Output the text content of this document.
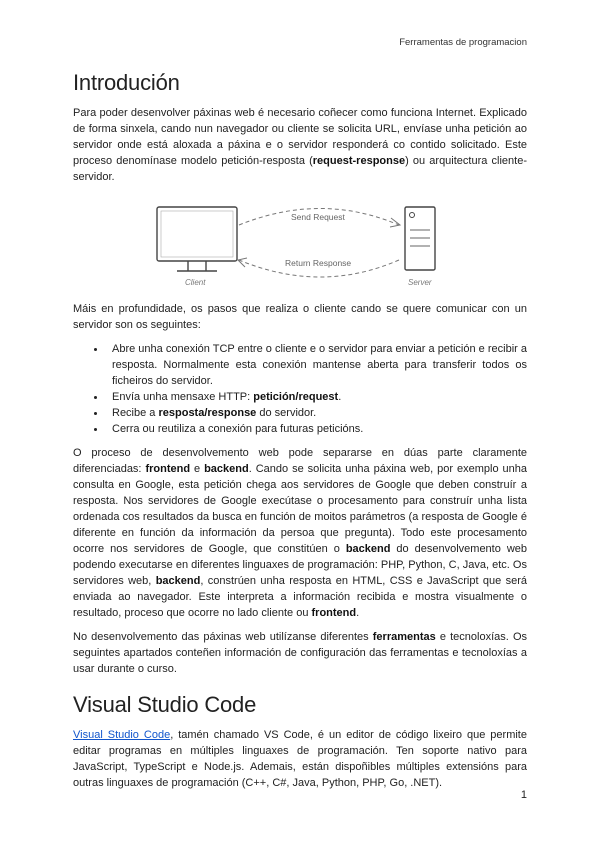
Ferramentas de programacion
Introdución

Para poder desenvolver páxinas web é necesario coñecer como funciona Internet. Explicado de forma sinxela, cando nun navegador ou cliente se solicita URL, envíase unha petición ao servidor onde está aloxada a páxina e o servidor responderá co contido solicitado. Este proceso denomínase modelo petición-resposta (request-response) ou arquitectura cliente-servidor.

Send Request
Return Response
Client	Server

Máis en profundidade, os pasos que realiza o cliente cando se quere comunicar con un servidor son os seguintes:

• Abre unha conexión TCP entre o cliente e o servidor para enviar a petición e recibir a resposta. Normalmente esta conexión mantense aberta para transferir todos os ficheiros do servidor.
• Envía unha mensaxe HTTP: petición/request.
• Recibe a resposta/response do servidor.
• Cerra ou reutiliza a conexión para futuras peticións.

O proceso de desenvolvemento web pode separarse en dúas parte claramente diferenciadas: frontend e backend. Cando se solicita unha páxina web, por exemplo unha consulta en Google, esta petición chega aos servidores de Google que deben construír a resposta. Nos servidores de Google execútase o procesamento para construír unha lista ordenada cos resultados da busca en función de moitos parámetros (a resposta de Google é diferente en función da información da persoa que pregunta). Todo este procesamento ocorre nos servidores de Google, que constitúen o backend do desenvolvemento web podendo executarse en diferentes linguaxes de programación: PHP, Python, C, Java, etc. Os servidores web, backend, constrúen unha resposta en HTML, CSS e JavaScript que será enviada ao navegador. Este interpreta a información recibida e mostra visualmente o resultado, proceso que ocorre no lado cliente ou frontend.

No desenvolvemento das páxinas web utilízanse diferentes ferramentas e tecnoloxías. Os seguintes apartados conteñen información de configuración das ferramentas e tecnoloxías a usar durante o curso.

Visual Studio Code

Visual Studio Code, tamén chamado VS Code, é un editor de código lixeiro que permite editar programas en múltiples linguaxes de programación. Ten soporte nativo para JavaScript, TypeScript e Node.js. Ademais, están dispoñibles múltiples extensións para outras linguaxes de programación (C++, C#, Java, Python, PHP, Go, .NET).

1
